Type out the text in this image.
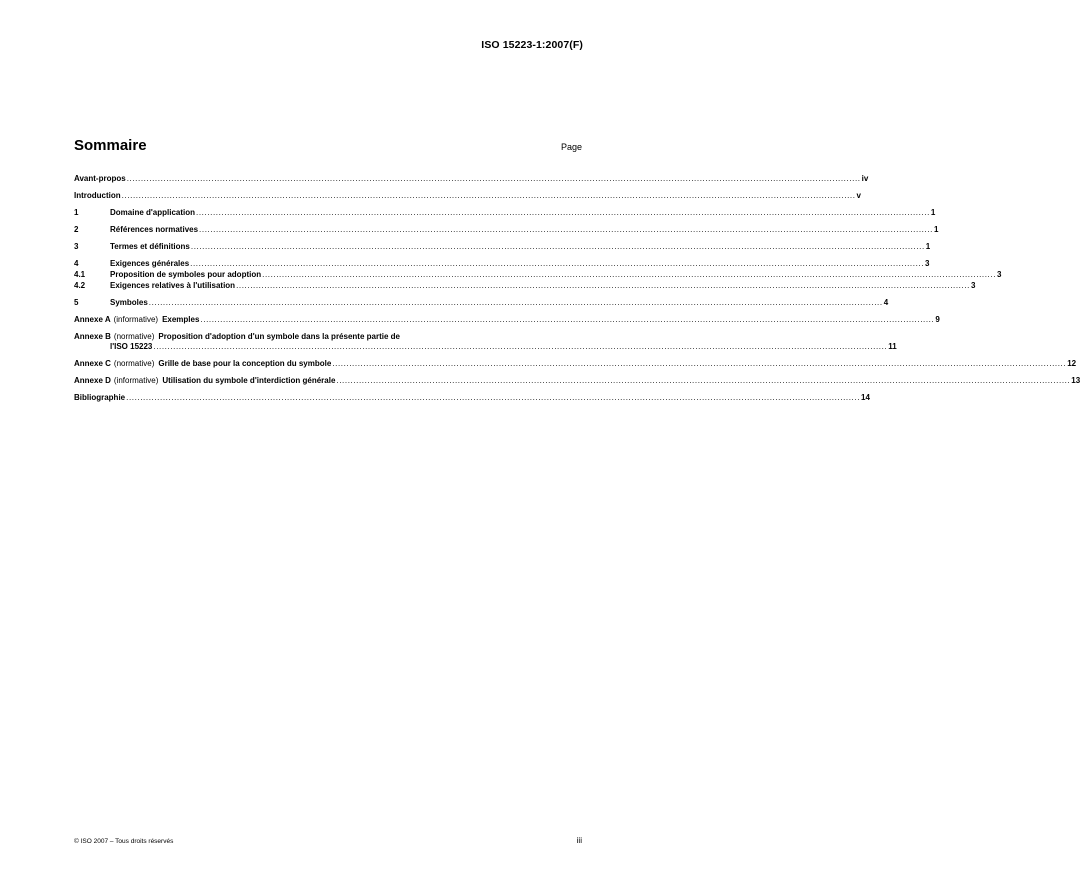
ISO 15223-1:2007(F)
Sommaire	Page
Avant-propos .....	iv
Introduction .....	v
1	Domaine d'application .....	1
2	Références normatives .....	1
3	Termes et définitions .....	1
4	Exigences générales .....	3
4.1	Proposition de symboles pour adoption .....	3
4.2	Exigences relatives à l'utilisation .....	3
5	Symboles .....	4
Annexe A (informative) Exemples .....	9
Annexe B (normative) Proposition d'adoption d'un symbole dans la présente partie de
l'ISO 15223 .....	11
Annexe C (normative) Grille de base pour la conception du symbole .....	12
Annexe D (informative) Utilisation du symbole d'interdiction générale .....	13
Bibliographie .....	14
© ISO 2007 – Tous droits réservés	iii
